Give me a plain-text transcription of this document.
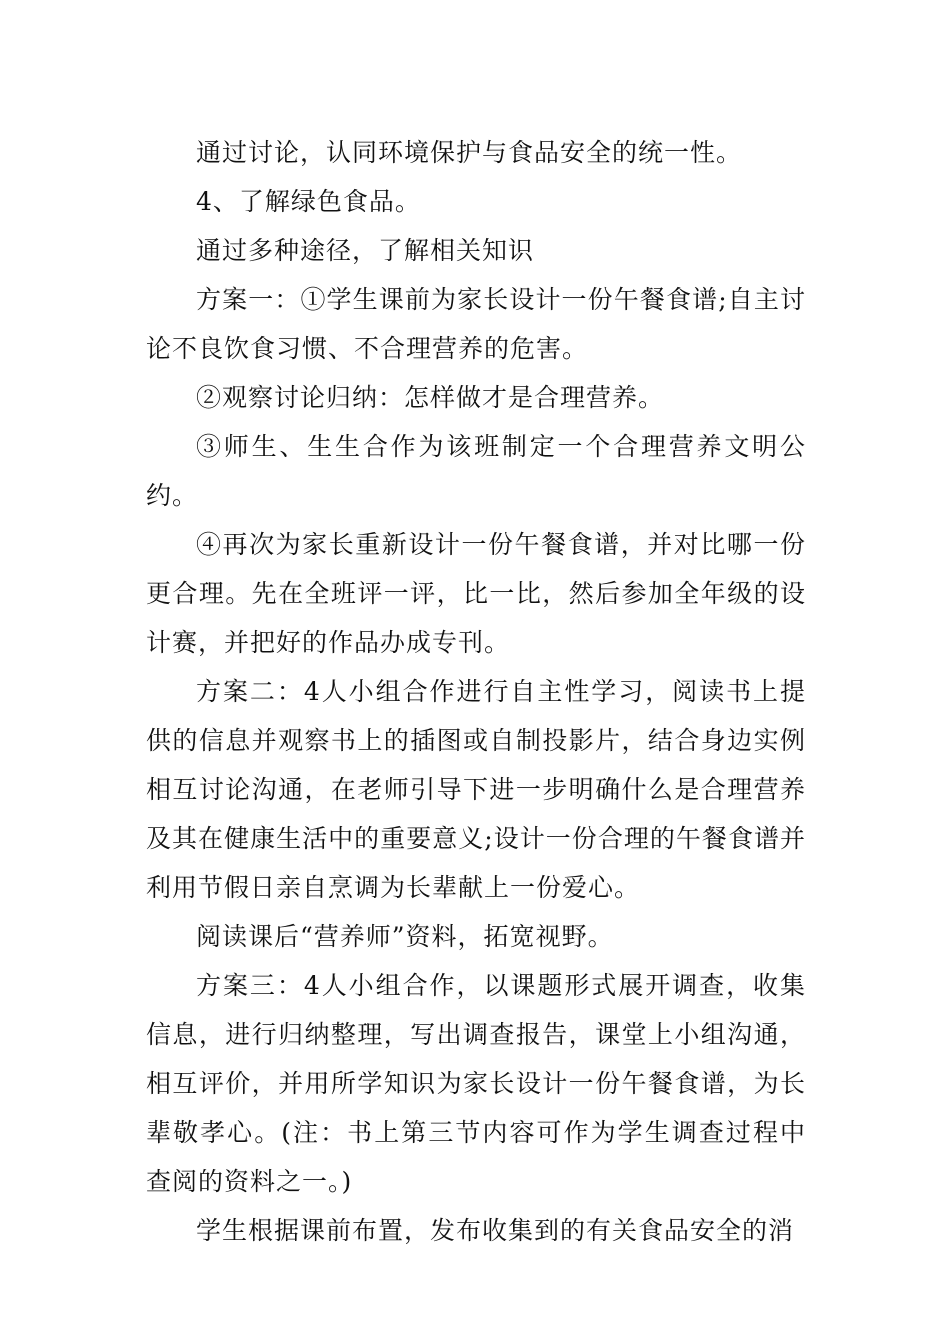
通过讨论，认同环境保护与食品安全的统一性。

4、了解绿色食品。

通过多种途径，了解相关知识

方案一：①学生课前为家长设计一份午餐食谱;自主讨论不良饮食习惯、不合理营养的危害。

②观察讨论归纳：怎样做才是合理营养。

③师生、生生合作为该班制定一个合理营养文明公约。

④再次为家长重新设计一份午餐食谱，并对比哪一份更合理。先在全班评一评，比一比，然后参加全年级的设计赛，并把好的作品办成专刊。

方案二：4人小组合作进行自主性学习，阅读书上提供的信息并观察书上的插图或自制投影片，结合身边实例相互讨论沟通，在老师引导下进一步明确什么是合理营养及其在健康生活中的重要意义;设计一份合理的午餐食谱并利用节假日亲自烹调为长辈献上一份爱心。

阅读课后“营养师”资料，拓宽视野。

方案三：4人小组合作，以课题形式展开调查，收集信息，进行归纳整理，写出调查报告，课堂上小组沟通，相互评价，并用所学知识为家长设计一份午餐食谱，为长辈敬孝心。(注：书上第三节内容可作为学生调查过程中查阅的资料之一。)

学生根据课前布置，发布收集到的有关食品安全的消
